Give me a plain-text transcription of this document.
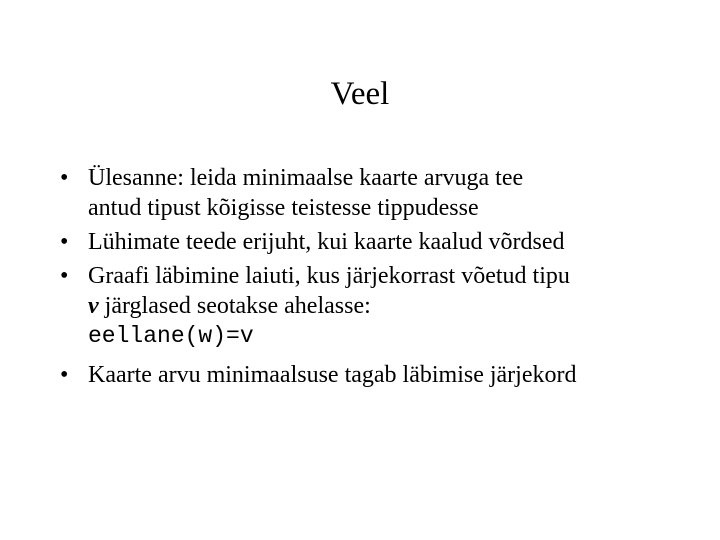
Veel
• Ülesanne: leida minimaalse kaarte arvuga tee
antud tipust kõigisse teistesse tippudesse
• Lühimate teede erijuht, kui kaarte kaalud võrdsed
• Graafi läbimine laiuti, kus järjekorrast võetud tipu
v järglased seotakse ahelasse:
eellane(w)=v
• Kaarte arvu minimaalsuse tagab läbimise järjekord
